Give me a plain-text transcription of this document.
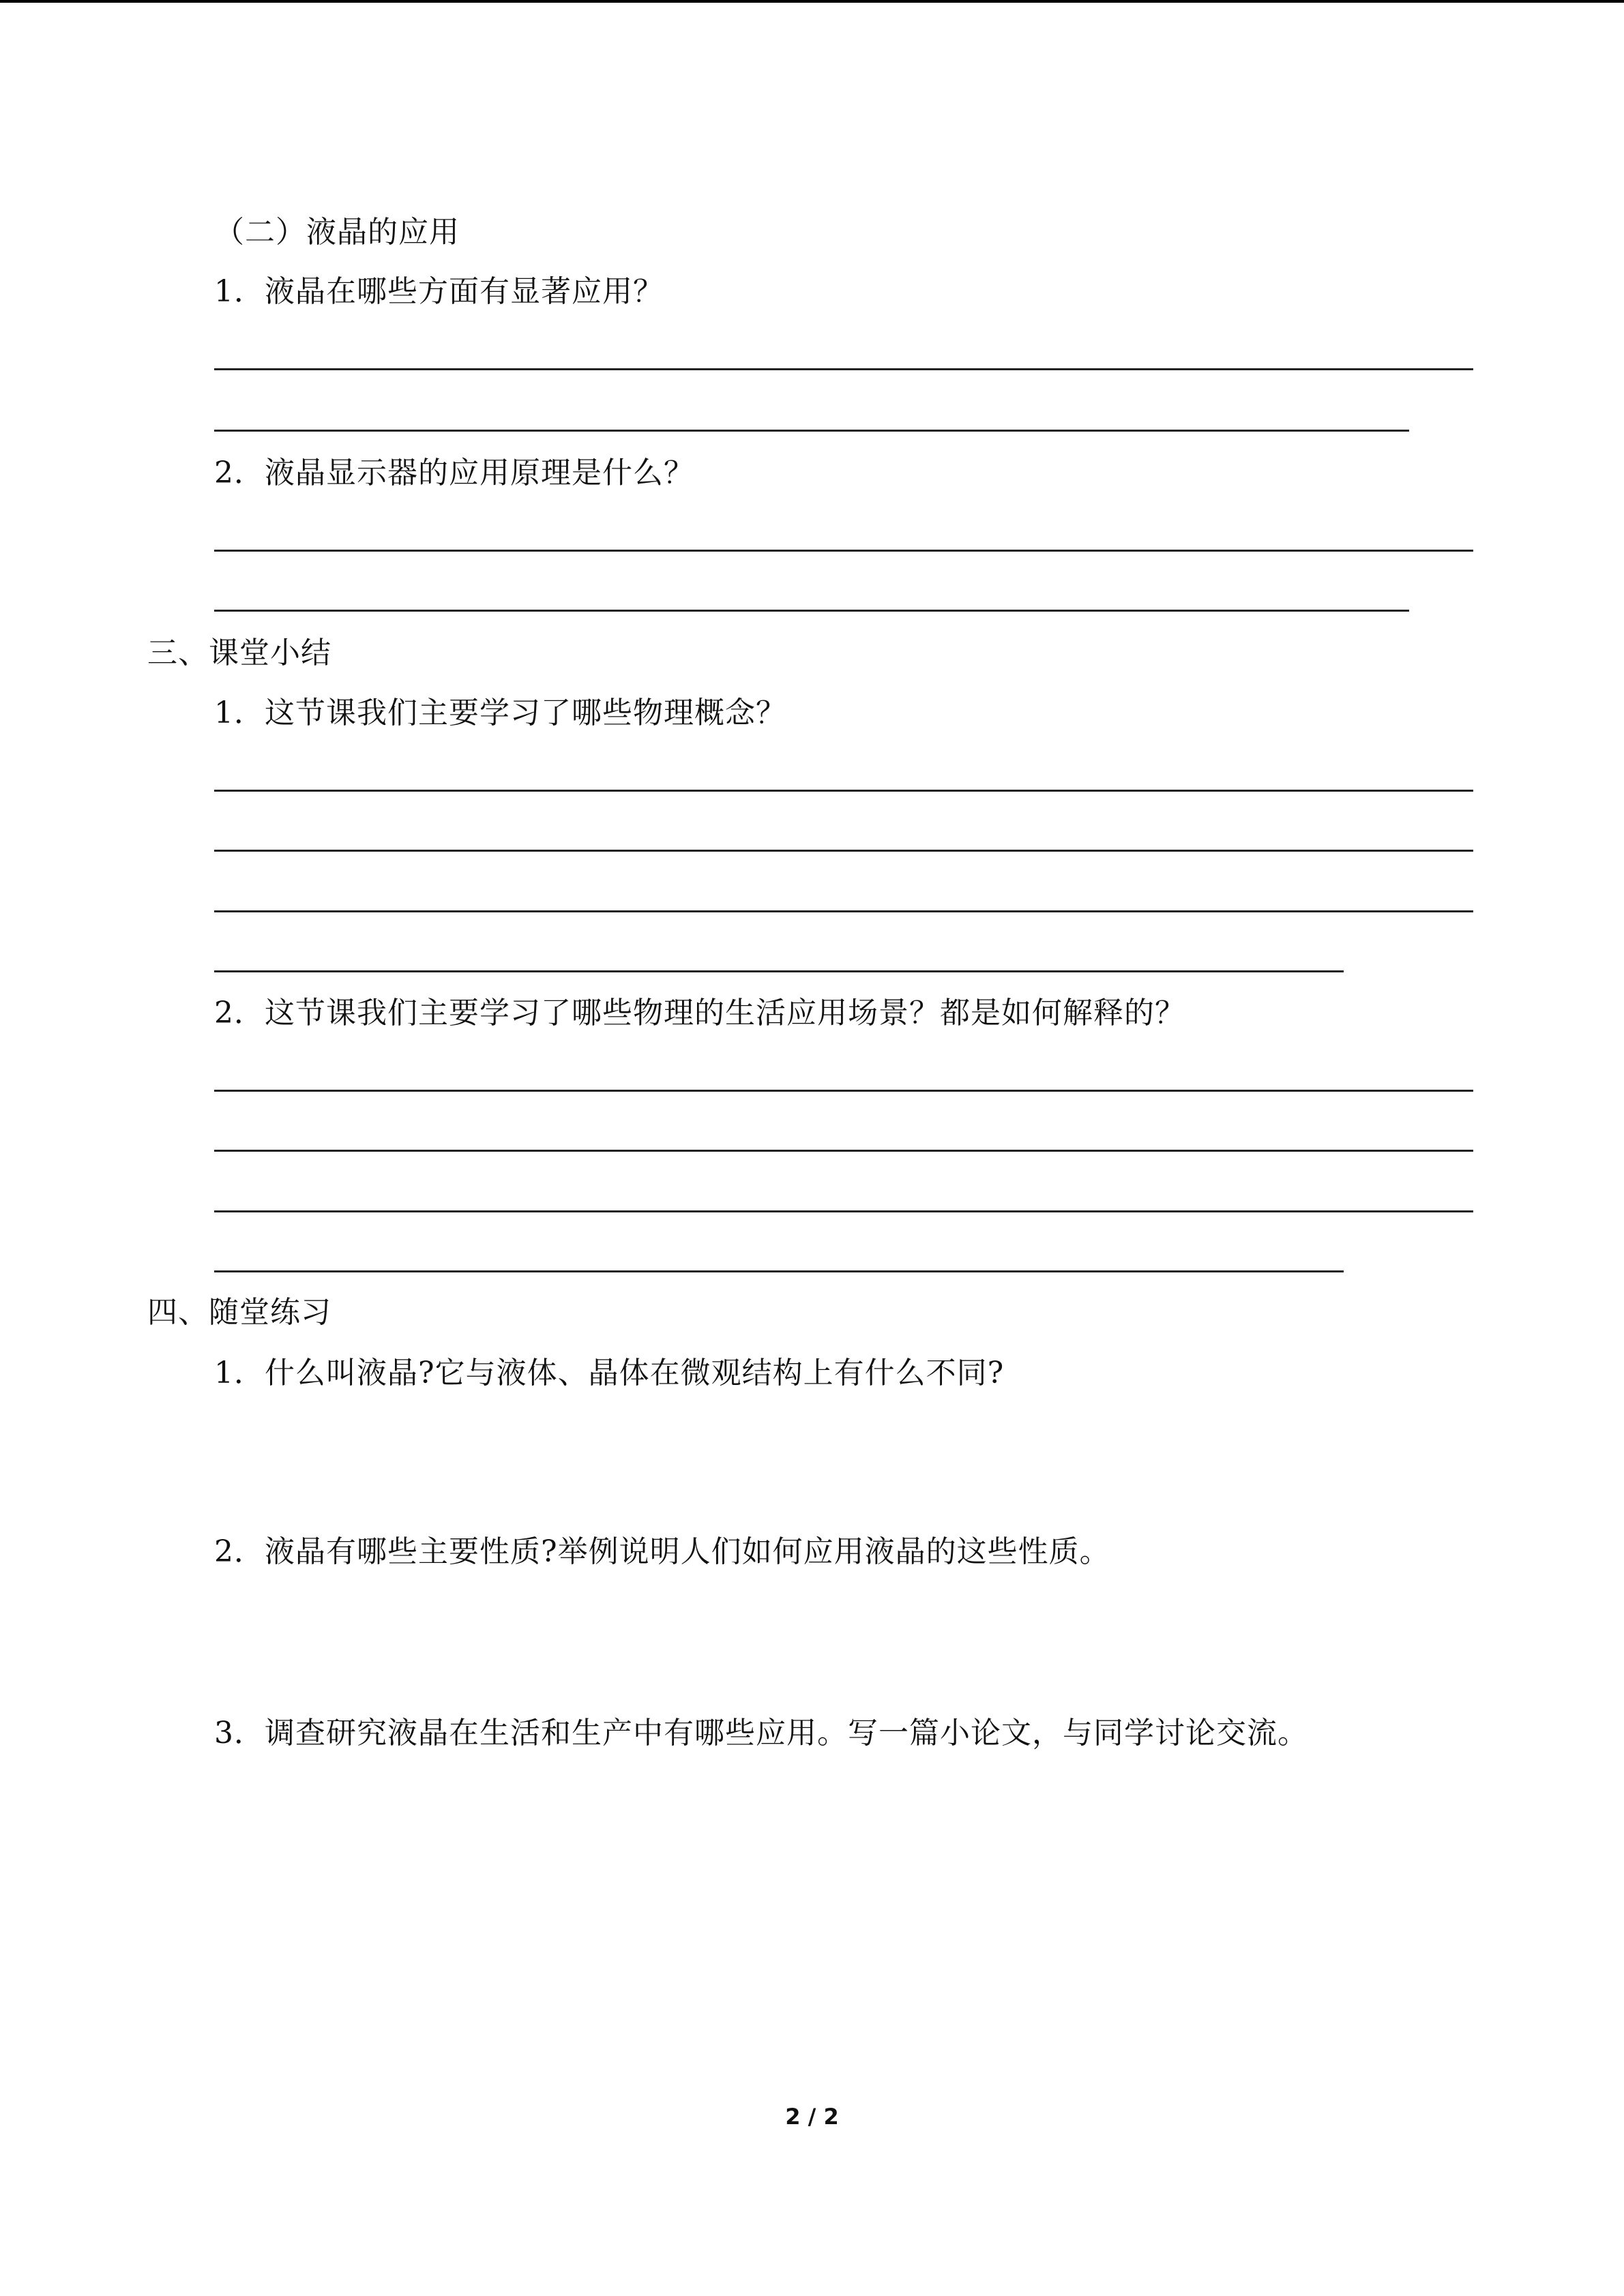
（二）液晶的应用
1．液晶在哪些方面有显著应用？
2．液晶显示器的应用原理是什么？
三、课堂小结
1．这节课我们主要学习了哪些物理概念？
2．这节课我们主要学习了哪些物理的生活应用场景？都是如何解释的？
四、随堂练习
1．什么叫液晶?它与液体、晶体在微观结构上有什么不同?
2．液晶有哪些主要性质?举例说明人们如何应用液晶的这些性质。
3．调查研究液晶在生活和生产中有哪些应用。写一篇小论文，与同学讨论交流。
2 / 2
